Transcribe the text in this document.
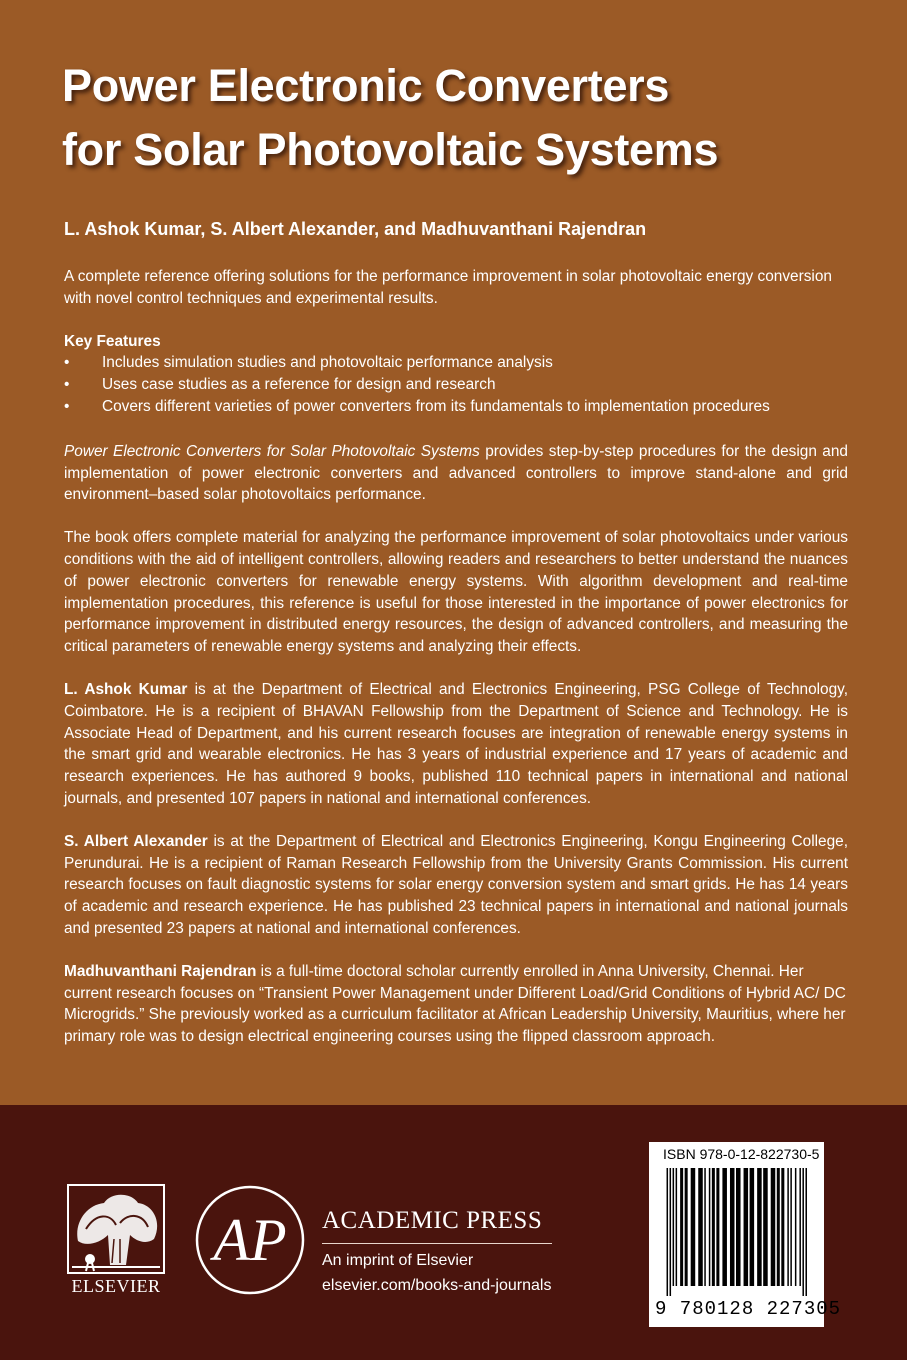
Power Electronic Converters
for Solar Photovoltaic Systems
L. Ashok Kumar, S. Albert Alexander, and Madhuvanthani Rajendran

A complete reference offering solutions for the performance improvement in solar photovoltaic energy conversion with novel control techniques and experimental results.

Key Features
• Includes simulation studies and photovoltaic performance analysis
• Uses case studies as a reference for design and research
• Covers different varieties of power converters from its fundamentals to implementation procedures

Power Electronic Converters for Solar Photovoltaic Systems provides step-by-step procedures for the design and implementation of power electronic converters and advanced controllers to improve stand-alone and grid environment–based solar photovoltaics performance.

The book offers complete material for analyzing the performance improvement of solar photovoltaics under various conditions with the aid of intelligent controllers, allowing readers and researchers to better understand the nuances of power electronic converters for renewable energy systems. With algorithm development and real-time implementation procedures, this reference is useful for those interested in the importance of power electronics for performance improvement in distributed energy resources, the design of advanced controllers, and measuring the critical parameters of renewable energy systems and analyzing their effects.

L. Ashok Kumar is at the Department of Electrical and Electronics Engineering, PSG College of Technology, Coimbatore. He is a recipient of BHAVAN Fellowship from the Department of Science and Technology. He is Associate Head of Department, and his current research focuses are integration of renewable energy systems in the smart grid and wearable electronics. He has 3 years of industrial experience and 17 years of academic and research experiences. He has authored 9 books, published 110 technical papers in international and national journals, and presented 107 papers in national and international conferences.

S. Albert Alexander is at the Department of Electrical and Electronics Engineering, Kongu Engineering College, Perundurai. He is a recipient of Raman Research Fellowship from the University Grants Commission. His current research focuses on fault diagnostic systems for solar energy conversion system and smart grids. He has 14 years of academic and research experience. He has published 23 technical papers in international and national journals and presented 23 papers at national and international conferences.

Madhuvanthani Rajendran is a full-time doctoral scholar currently enrolled in Anna University, Chennai. Her current research focuses on “Transient Power Management under Different Load/Grid Conditions of Hybrid AC/ DC Microgrids.” She previously worked as a curriculum facilitator at African Leadership University, Mauritius, where her primary role was to design electrical engineering courses using the flipped classroom approach.

ELSEVIER
AP ACADEMIC PRESS
An imprint of Elsevier
elsevier.com/books-and-journals
ISBN 978-0-12-822730-5
9 780128 227305
